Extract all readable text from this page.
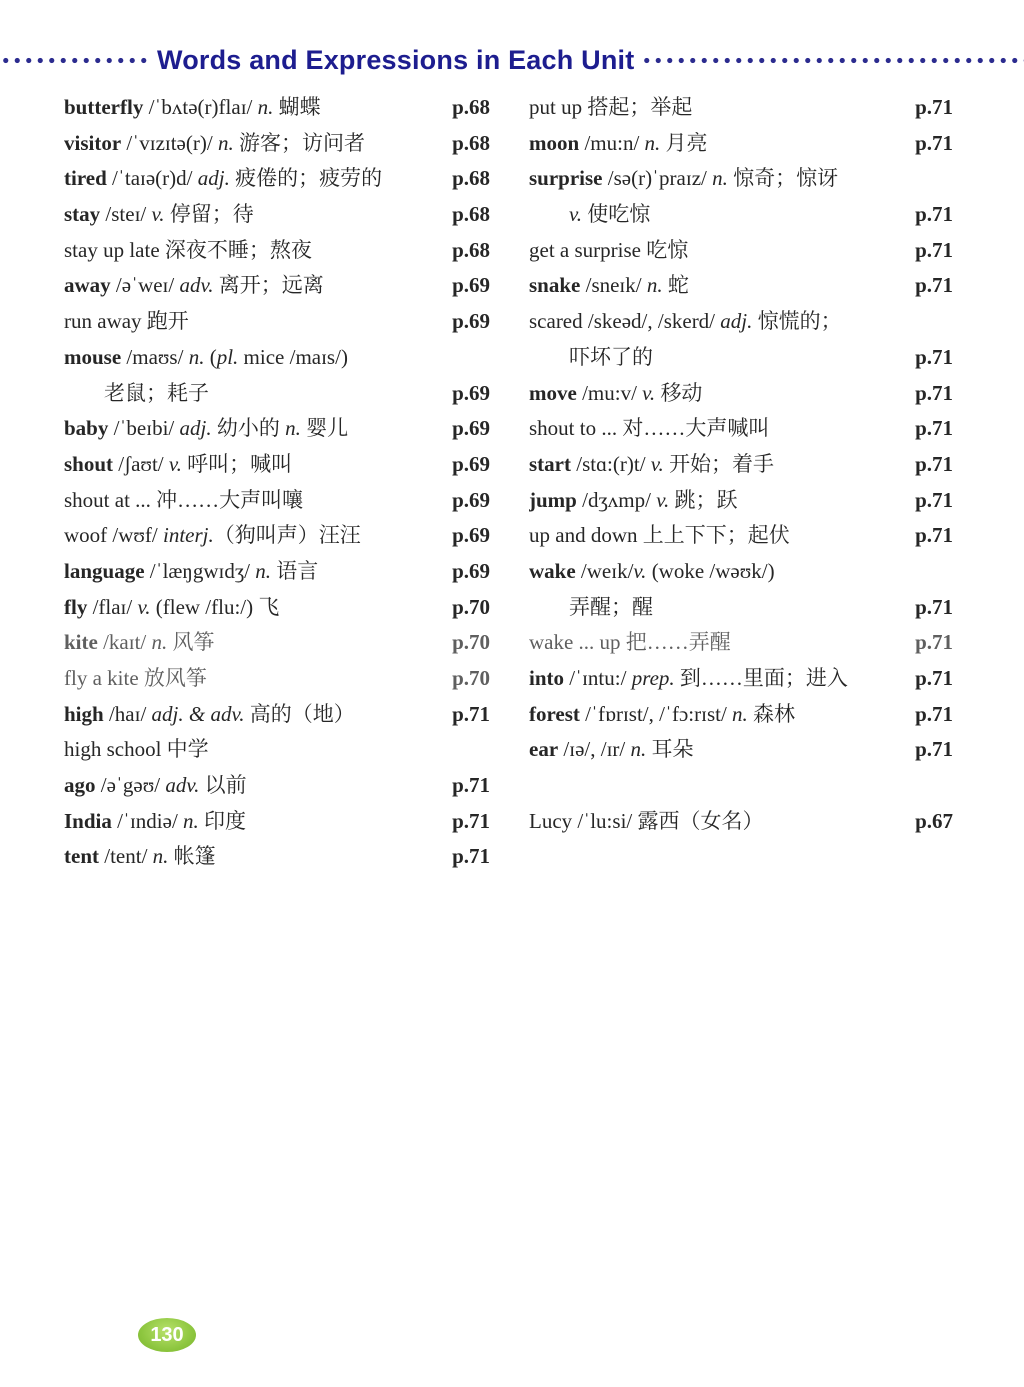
Words and Expressions in Each Unit
butterfly /ˈbʌtə(r)flaɪ/ n. 蝴蝶	p.68
visitor /ˈvɪzɪtə(r)/ n. 游客；访问者	p.68
tired /ˈtaɪə(r)d/ adj. 疲倦的；疲劳的	p.68
stay /steɪ/ v. 停留；待	p.68
stay up late 深夜不睡；熬夜	p.68
away /əˈweɪ/ adv. 离开；远离	p.69
run away 跑开	p.69
mouse /maʊs/ n. (pl. mice /maɪs/)
老鼠；耗子	p.69
baby /ˈbeɪbi/ adj. 幼小的 n. 婴儿	p.69
shout /ʃaʊt/ v. 呼叫；喊叫	p.69
shout at ... 冲……大声叫嚷	p.69
woof /wʊf/ interj.（狗叫声）汪汪	p.69
language /ˈlæŋgwɪdʒ/ n. 语言	p.69
fly /flaɪ/ v. (flew /flu:/) 飞	p.70
kite /kaɪt/ n. 风筝	p.70
fly a kite 放风筝	p.70
high /haɪ/ adj. & adv. 高的（地）	p.71
high school 中学
ago /əˈgəʊ/ adv. 以前	p.71
India /ˈɪndiə/ n. 印度	p.71
tent /tent/ n. 帐篷	p.71
put up 搭起；举起	p.71
moon /mu:n/ n. 月亮	p.71
surprise /sə(r)ˈpraɪz/ n. 惊奇；惊讶
v. 使吃惊	p.71
get a surprise 吃惊	p.71
snake /sneɪk/ n. 蛇	p.71
scared /skeəd/, /skerd/ adj. 惊慌的；
吓坏了的	p.71
move /mu:v/ v. 移动	p.71
shout to ... 对……大声喊叫	p.71
start /stɑ:(r)t/ v. 开始；着手	p.71
jump /dʒʌmp/ v. 跳；跃	p.71
up and down 上上下下；起伏	p.71
wake /weɪk/v. (woke /wəʊk/)
弄醒；醒	p.71
wake ... up 把……弄醒	p.71
into /ˈɪntu:/ prep. 到……里面；进入	p.71
forest /ˈfɒrɪst/, /ˈfɔ:rɪst/ n. 森林	p.71
ear /ɪə/, /ɪr/ n. 耳朵	p.71
Lucy /ˈlu:si/ 露西（女名）	p.67
130
